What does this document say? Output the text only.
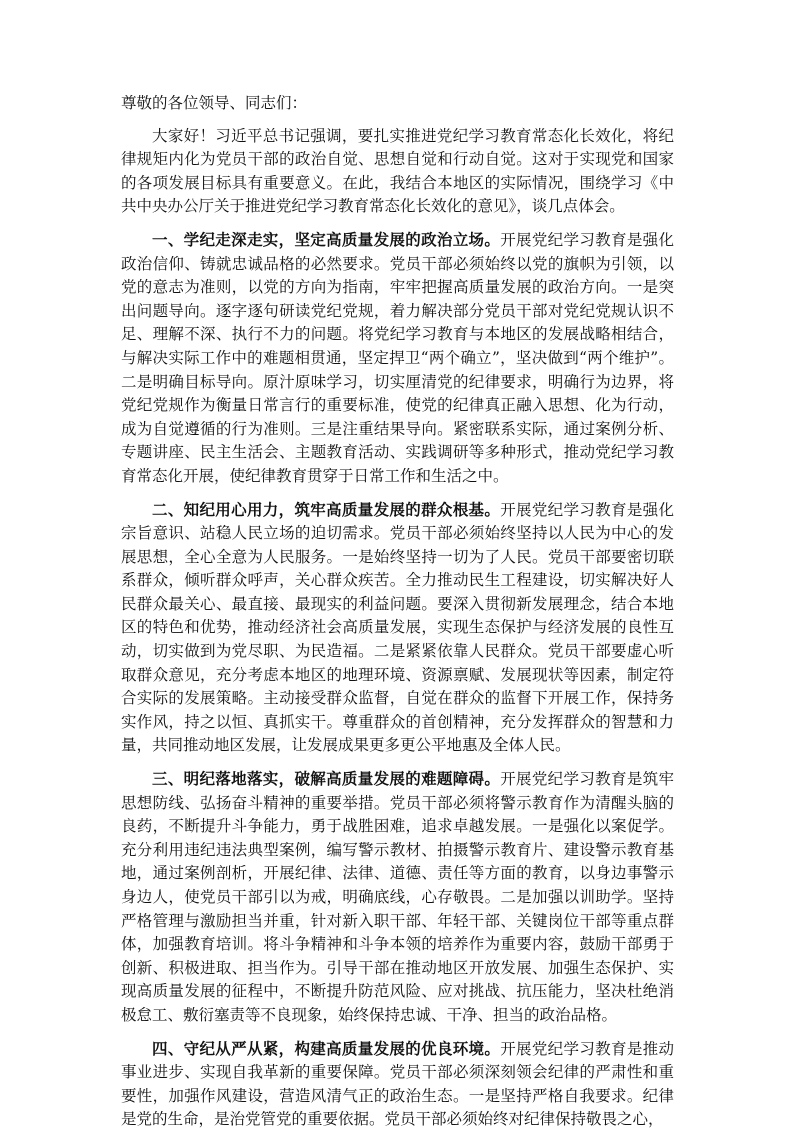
尊敬的各位领导、同志们：

大家好！习近平总书记强调，要扎实推进党纪学习教育常态化长效化，将纪律规矩内化为党员干部的政治自觉、思想自觉和行动自觉。这对于实现党和国家的各项发展目标具有重要意义。在此，我结合本地区的实际情况，围绕学习《中共中央办公厅关于推进党纪学习教育常态化长效化的意见》，谈几点体会。

一、学纪走深走实，坚定高质量发展的政治立场。开展党纪学习教育是强化政治信仰、铸就忠诚品格的必然要求。党员干部必须始终以党的旗帜为引领，以党的意志为准则，以党的方向为指南，牢牢把握高质量发展的政治方向。一是突出问题导向。逐字逐句研读党纪党规，着力解决部分党员干部对党纪党规认识不足、理解不深、执行不力的问题。将党纪学习教育与本地区的发展战略相结合，与解决实际工作中的难题相贯通，坚定捍卫“两个确立”，坚决做到“两个维护”。二是明确目标导向。原汁原味学习，切实厘清党的纪律要求，明确行为边界，将党纪党规作为衡量日常言行的重要标准，使党的纪律真正融入思想、化为行动，成为自觉遵循的行为准则。三是注重结果导向。紧密联系实际，通过案例分析、专题讲座、民主生活会、主题教育活动、实践调研等多种形式，推动党纪学习教育常态化开展，使纪律教育贯穿于日常工作和生活之中。

二、知纪用心用力，筑牢高质量发展的群众根基。开展党纪学习教育是强化宗旨意识、站稳人民立场的迫切需求。党员干部必须始终坚持以人民为中心的发展思想，全心全意为人民服务。一是始终坚持一切为了人民。党员干部要密切联系群众，倾听群众呼声，关心群众疾苦。全力推动民生工程建设，切实解决好人民群众最关心、最直接、最现实的利益问题。要深入贯彻新发展理念，结合本地区的特色和优势，推动经济社会高质量发展，实现生态保护与经济发展的良性互动，切实做到为党尽职、为民造福。二是紧紧依靠人民群众。党员干部要虚心听取群众意见，充分考虑本地区的地理环境、资源禀赋、发展现状等因素，制定符合实际的发展策略。主动接受群众监督，自觉在群众的监督下开展工作，保持务实作风，持之以恒、真抓实干。尊重群众的首创精神，充分发挥群众的智慧和力量，共同推动地区发展，让发展成果更多更公平地惠及全体人民。

三、明纪落地落实，破解高质量发展的难题障碍。开展党纪学习教育是筑牢思想防线、弘扬奋斗精神的重要举措。党员干部必须将警示教育作为清醒头脑的良药，不断提升斗争能力，勇于战胜困难，追求卓越发展。一是强化以案促学。充分利用违纪违法典型案例，编写警示教材、拍摄警示教育片、建设警示教育基地，通过案例剖析，开展纪律、法律、道德、责任等方面的教育，以身边事警示身边人，使党员干部引以为戒，明确底线，心存敬畏。二是加强以训助学。坚持严格管理与激励担当并重，针对新入职干部、年轻干部、关键岗位干部等重点群体，加强教育培训。将斗争精神和斗争本领的培养作为重要内容，鼓励干部勇于创新、积极进取、担当作为。引导干部在推动地区开放发展、加强生态保护、实现高质量发展的征程中，不断提升防范风险、应对挑战、抗压能力，坚决杜绝消极怠工、敷衍塞责等不良现象，始终保持忠诚、干净、担当的政治品格。

四、守纪从严从紧，构建高质量发展的优良环境。开展党纪学习教育是推动事业进步、实现自我革新的重要保障。党员干部必须深刻领会纪律的严肃性和重要性，加强作风建设，营造风清气正的政治生态。一是坚持严格自我要求。纪律是党的生命，是治党管党的重要依据。党员干部必须始终对纪律保持敬畏之心，
